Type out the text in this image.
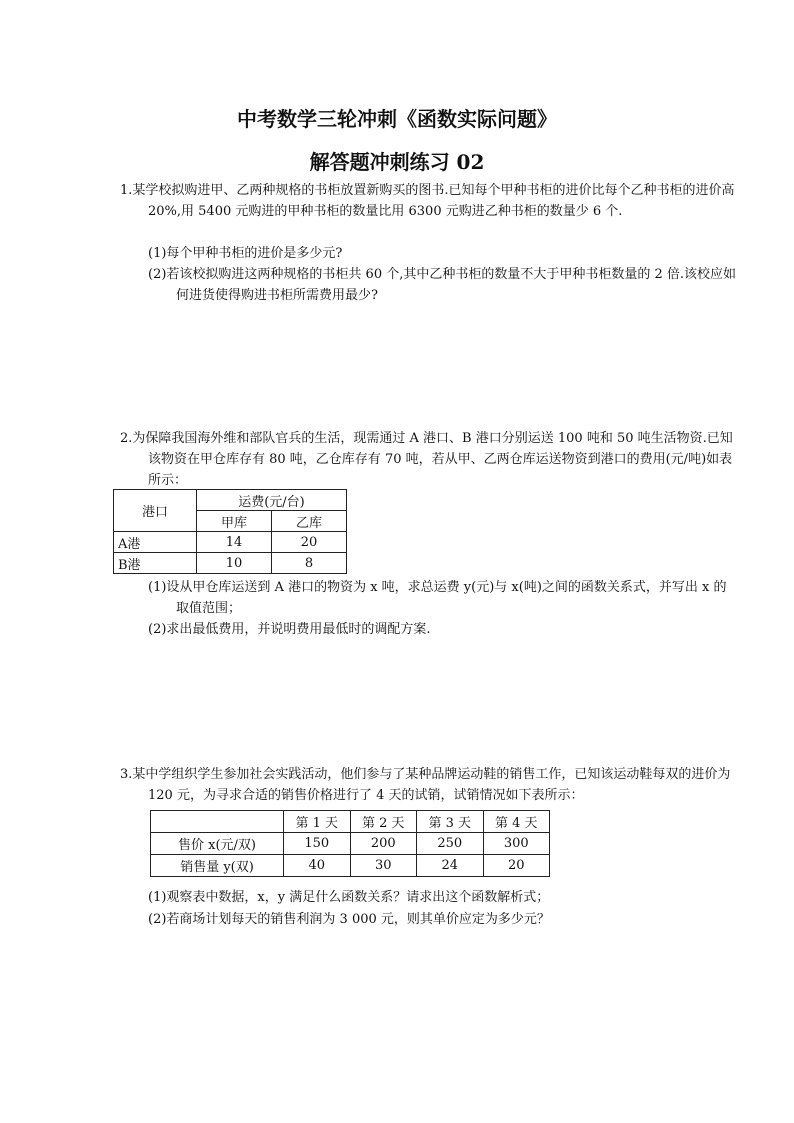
中考数学三轮冲刺《函数实际问题》
解答题冲刺练习 02
1.某学校拟购进甲、乙两种规格的书柜放置新购买的图书.已知每个甲种书柜的进价比每个乙种书柜的进价高 20%,用 5400 元购进的甲种书柜的数量比用 6300 元购进乙种书柜的数量少 6 个.
(1)每个甲种书柜的进价是多少元?
(2)若该校拟购进这两种规格的书柜共 60 个,其中乙种书柜的数量不大于甲种书柜数量的 2 倍.该校应如何进货使得购进书柜所需费用最少?
2.为保障我国海外维和部队官兵的生活，现需通过 A 港口、B 港口分别运送 100 吨和 50 吨生活物资.已知该物资在甲仓库存有 80 吨，乙仓库存有 70 吨，若从甲、乙两仓库运送物资到港口的费用(元/吨)如表所示：
港口	运费(元/台)	
	甲库	乙库
A港	14	20
B港	10	8
(1)设从甲仓库运送到 A 港口的物资为 x 吨，求总运费 y(元)与 x(吨)之间的函数关系式，并写出 x 的取值范围；
(2)求出最低费用，并说明费用最低时的调配方案.
3.某中学组织学生参加社会实践活动，他们参与了某种品牌运动鞋的销售工作，已知该运动鞋每双的进价为 120 元，为寻求合适的销售价格进行了 4 天的试销，试销情况如下表所示：
	第 1 天	第 2 天	第 3 天	第 4 天
售价 x(元/双)	150	200	250	300
销售量 y(双)	40	30	24	20
(1)观察表中数据，x，y 满足什么函数关系？请求出这个函数解析式；
(2)若商场计划每天的销售利润为 3 000 元，则其单价应定为多少元？
